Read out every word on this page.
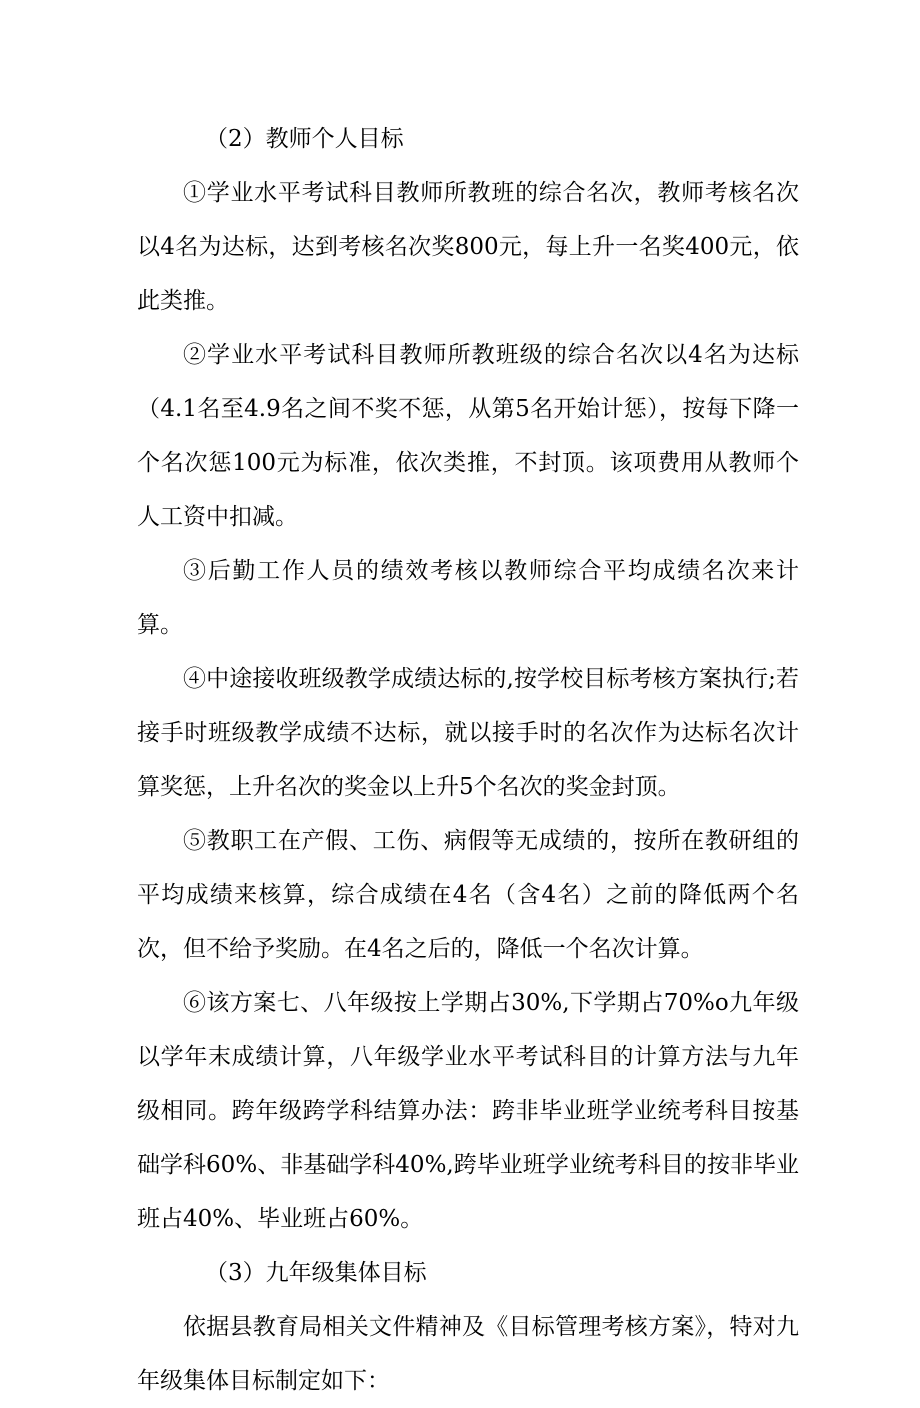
（2）教师个人目标

①学业水平考试科目教师所教班的综合名次，教师考核名次以4名为达标，达到考核名次奖800元，每上升一名奖400元，依此类推。

②学业水平考试科目教师所教班级的综合名次以4名为达标（4.1名至4.9名之间不奖不惩，从第5名开始计惩），按每下降一个名次惩100元为标准，依次类推，不封顶。该项费用从教师个人工资中扣减。

③后勤工作人员的绩效考核以教师综合平均成绩名次来计算。

④中途接收班级教学成绩达标的,按学校目标考核方案执行;若接手时班级教学成绩不达标，就以接手时的名次作为达标名次计算奖惩，上升名次的奖金以上升5个名次的奖金封顶。

⑤教职工在产假、工伤、病假等无成绩的，按所在教研组的平均成绩来核算，综合成绩在4名（含4名）之前的降低两个名次，但不给予奖励。在4名之后的，降低一个名次计算。

⑥该方案七、八年级按上学期占30%,下学期占70%o九年级以学年末成绩计算，八年级学业水平考试科目的计算方法与九年级相同。跨年级跨学科结算办法：跨非毕业班学业统考科目按基础学科60%、非基础学科40%,跨毕业班学业统考科目的按非毕业班占40%、毕业班占60%。

（3）九年级集体目标

依据县教育局相关文件精神及《目标管理考核方案》，特对九年级集体目标制定如下：
